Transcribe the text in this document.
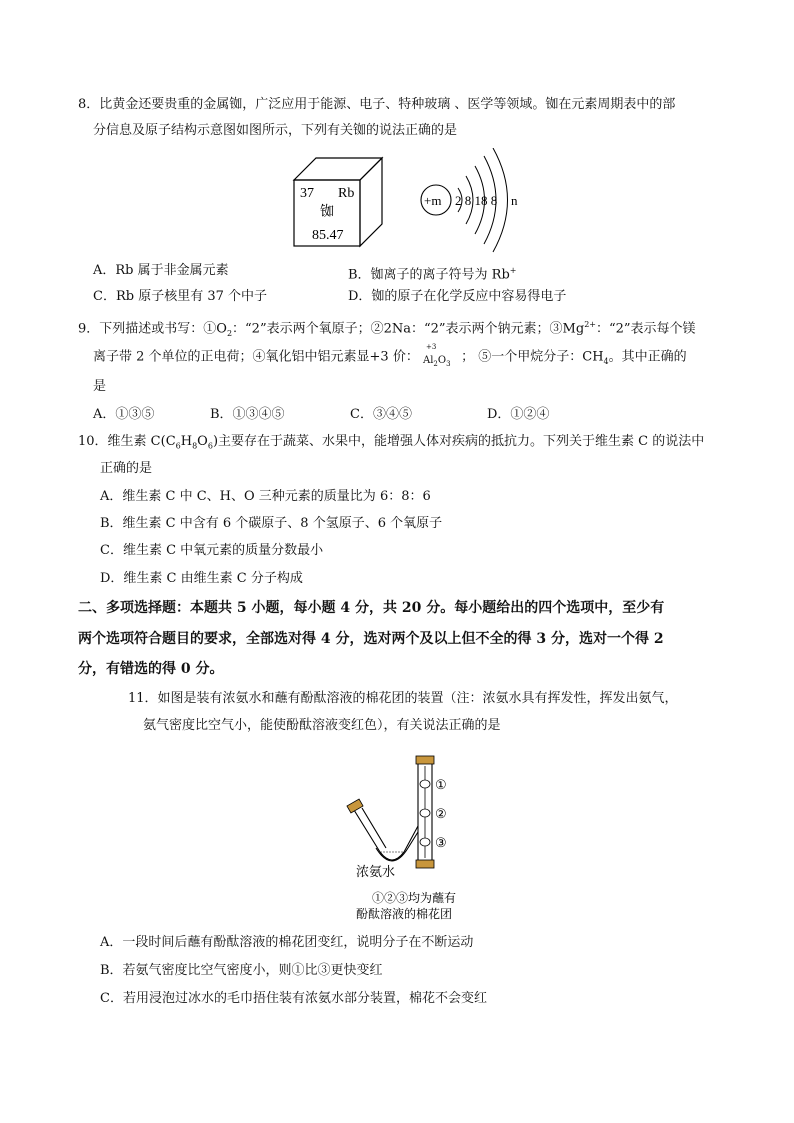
8．比黄金还要贵重的金属铷，广泛应用于能源、电子、特种玻璃 、医学等领域。铷在元素周期表中的部
分信息及原子结构示意图如图所示，下列有关铷的说法正确的是
37 Rb
铷
85.47
+m 2 8 18 8 n
A．Rb 属于非金属元素	B．铷离子的离子符号为 Rb+
C．Rb 原子核里有 37 个中子	D．铷的原子在化学反应中容易得电子
9．下列描述或书写：$①O_2$：“2”表示两个氧原子；②2Na：“2”表示两个钠元素；$③Mg^{2+}$：“2”表示每个镁
离子带 2 个单位的正电荷；④氧化铝中铝元素显+3 价：
+3
$Al_2O_3$ ； ⑤一个甲烷分子：$CH_4$。其中正确的
是
A．①③⑤	B．①③④⑤	C．③④⑤	D．①②④
10．维生素 $C(C_6H_8O_6)$主要存在于蔬菜、水果中，能增强人体对疾病的抵抗力。下列关于维生素 C 的说法中
正确的是
A．维生素 C 中 C、H、O 三种元素的质量比为 6：8：6
B．维生素 C 中含有 6 个碳原子、8 个氢原子、6 个氧原子
C．维生素 C 中氧元素的质量分数最小
D．维生素 C 由维生素 C 分子构成
二、多项选择题：本题共 5 小题，每小题 4 分，共 20 分。每小题给出的四个选项中，至少有
两个选项符合题目的要求，全部选对得 4 分，选对两个及以上但不全的得 3 分，选对一个得 2
分，有错选的得 0 分。
11．如图是装有浓氨水和蘸有酚酞溶液的棉花团的装置（注：浓氨水具有挥发性，挥发出氨气，
氨气密度比空气小，能使酚酞溶液变红色），有关说法正确的是
①
②
③
浓氨水
①②③均为蘸有
酚酞溶液的棉花团
A．一段时间后蘸有酚酞溶液的棉花团变红，说明分子在不断运动
B．若氨气密度比空气密度小，则①比③更快变红
C．若用浸泡过冰水的毛巾捂住装有浓氨水部分装置，棉花不会变红
